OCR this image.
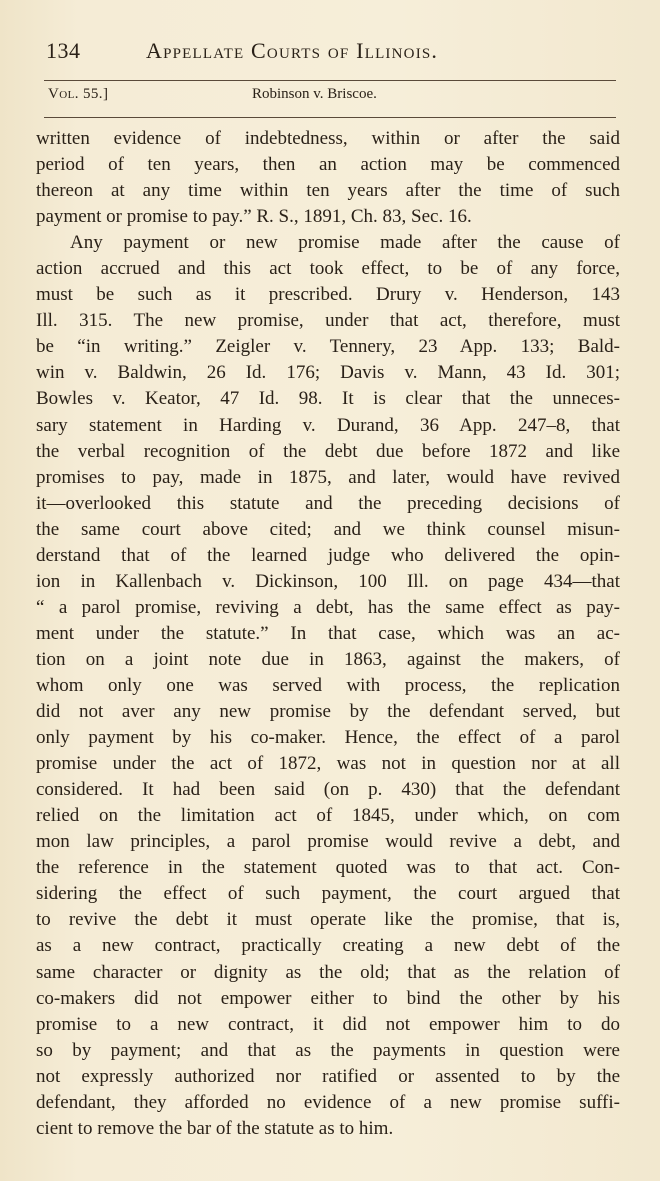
134	Appellate Courts of Illinois.
Vol. 55.]	Robinson v. Briscoe.
written evidence of indebtedness, within or after the said
period of ten years, then an action may be commenced
thereon at any time within ten years after the time of such
payment or promise to pay.” R. S., 1891, Ch. 83, Sec. 16.
Any payment or new promise made after the cause of
action accrued and this act took effect, to be of any force,
must be such as it prescribed. Drury v. Henderson, 143
Ill. 315. The new promise, under that act, therefore, must
be “in writing.” Zeigler v. Tennery, 23 App. 133; Bald-
win v. Baldwin, 26 Id. 176; Davis v. Mann, 43 Id. 301;
Bowles v. Keator, 47 Id. 98. It is clear that the unneces-
sary statement in Harding v. Durand, 36 App. 247–8, that
the verbal recognition of the debt due before 1872 and like
promises to pay, made in 1875, and later, would have revived
it—overlooked this statute and the preceding decisions of
the same court above cited; and we think counsel misun-
derstand that of the learned judge who delivered the opin-
ion in Kallenbach v. Dickinson, 100 Ill. on page 434—that
“ a parol promise, reviving a debt, has the same effect as pay-
ment under the statute.” In that case, which was an ac-
tion on a joint note due in 1863, against the makers, of
whom only one was served with process, the replication
did not aver any new promise by the defendant served, but
only payment by his co-maker. Hence, the effect of a parol
promise under the act of 1872, was not in question nor at all
considered. It had been said (on p. 430) that the defendant
relied on the limitation act of 1845, under which, on com
mon law principles, a parol promise would revive a debt, and
the reference in the statement quoted was to that act. Con-
sidering the effect of such payment, the court argued that
to revive the debt it must operate like the promise, that is,
as a new contract, practically creating a new debt of the
same character or dignity as the old; that as the relation of
co-makers did not empower either to bind the other by his
promise to a new contract, it did not empower him to do
so by payment; and that as the payments in question were
not expressly authorized nor ratified or assented to by the
defendant, they afforded no evidence of a new promise suffi-
cient to remove the bar of the statute as to him.
